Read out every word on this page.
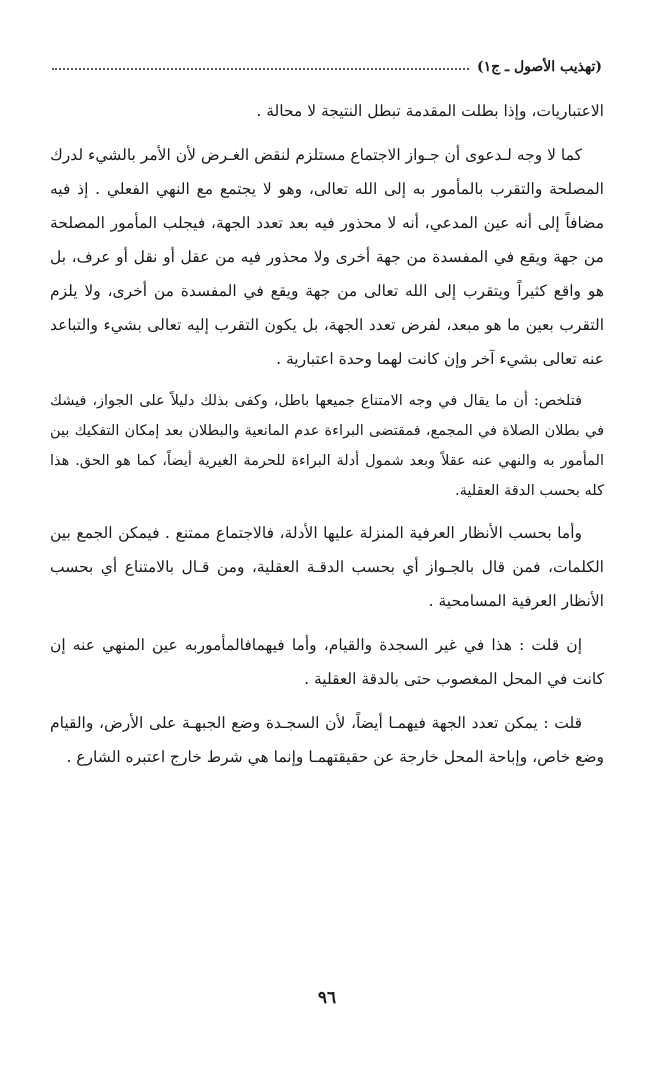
(تهذيب الأصول ـ ج١)

الاعتباريات، وإذا بطلت المقدمة تبطل النتيجة لا محالة .

كما لا وجه لـدعوى أن جـواز الاجتماع مستلزم لنقض الغـرض لأن الأمر بالشيء لدرك المصلحة والتقرب بالمأمور به إلى الله تعالى، وهو لا يجتمع مع النهي الفعلي . إذ فيه مضافاً إلى أنه عين المدعي، أنه لا محذور فيه بعد تعدد الجهة، فيجلب المأمور المصلحة من جهة ويقع في المفسدة من جهة أخرى ولا محذور فيه من عقل أو نقل أو عرف، بل هو واقع كثيراً ويتقرب إلى الله تعالى من جهة ويقع في المفسدة من أخرى، ولا يلزم التقرب بعين ما هو مبعد، لفرض تعدد الجهة، بل يكون التقرب إليه تعالى بشيء والتباعد عنه تعالى بشيء آخر وإن كانت لهما وحدة اعتبارية .

فتلخص: أن ما يقال في وجه الامتناع جميعها باطل، وكفى بذلك دليلاً على الجواز، فيشك في بطلان الصلاة في المجمع، فمقتضى البراءة عدم المانعية والبطلان بعد إمكان التفكيك بين المأمور به والنهي عنه عقلاً وبعد شمول أدلة البراءة للحرمة الغيرية أيضاً، كما هو الحق. هذا كله بحسب الدقة العقلية.

وأما بحسب الأنظار العرفية المنزلة عليها الأدلة، فالاجتماع ممتنع . فيمكن الجمع بين الكلمات، فمن قال بالجـواز أي بحسب الدقـة العقلية، ومن قـال بالامتناع أي بحسب الأنظار العرفية المسامحية .

إن قلت : هذا في غير السجدة والقيام، وأما فيهمافالمأموربه عين المنهي عنه إن كانت في المحل المغصوب حتى بالدقة العقلية .

قلت : يمكن تعدد الجهة فيهمـا أيضاً، لأن السجـدة وضع الجبهـة على الأرض، والقيام وضع خاص، وإباحة المحل خارجة عن حقيقتهمـا وإنما هي شرط خارج اعتبره الشارع .

٩٦
